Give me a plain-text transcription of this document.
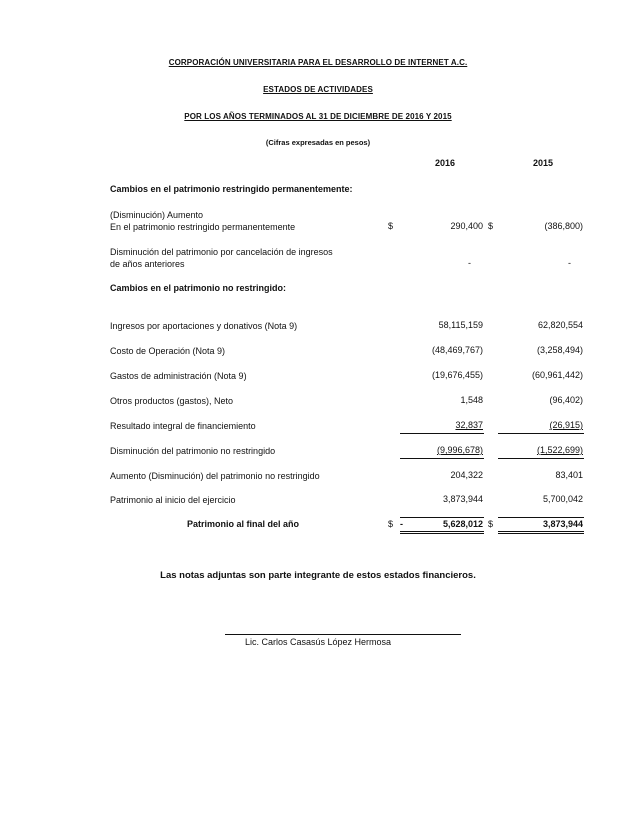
CORPORACIÓN UNIVERSITARIA PARA EL DESARROLLO DE INTERNET A.C.
ESTADOS DE ACTIVIDADES
POR LOS AÑOS TERMINADOS AL 31 DE DICIEMBRE DE 2016 Y 2015
(Cifras expresadas en pesos)
2016	2015
Cambios en el patrimonio restringido permanentemente:
(Disminución) Aumento
En el patrimonio restringido permanentemente	$	290,400 $	(386,800)
Disminución del patrimonio por cancelación de ingresos
de años anteriores	-	-
Cambios en el patrimonio no restringido:
Ingresos por aportaciones y donativos (Nota 9)	58,115,159	62,820,554
Costo de Operación (Nota 9)	(48,469,767)	(3,258,494)
Gastos de administración (Nota 9)	(19,676,455)	(60,961,442)
Otros productos (gastos), Neto	1,548	(96,402)
Resultado integral de financiemiento	32,837	(26,915)
Disminución del patrimonio no restringido	(9,996,678)	(1,522,699)
Aumento (Disminución) del patrimonio no restringido	204,322	83,401
Patrimonio al inicio del ejercicio	3,873,944	5,700,042
Patrimonio al final del año	$ -	5,628,012 $	3,873,944
Las notas adjuntas son parte integrante de estos estados financieros.
Lic. Carlos Casasús López Hermosa
